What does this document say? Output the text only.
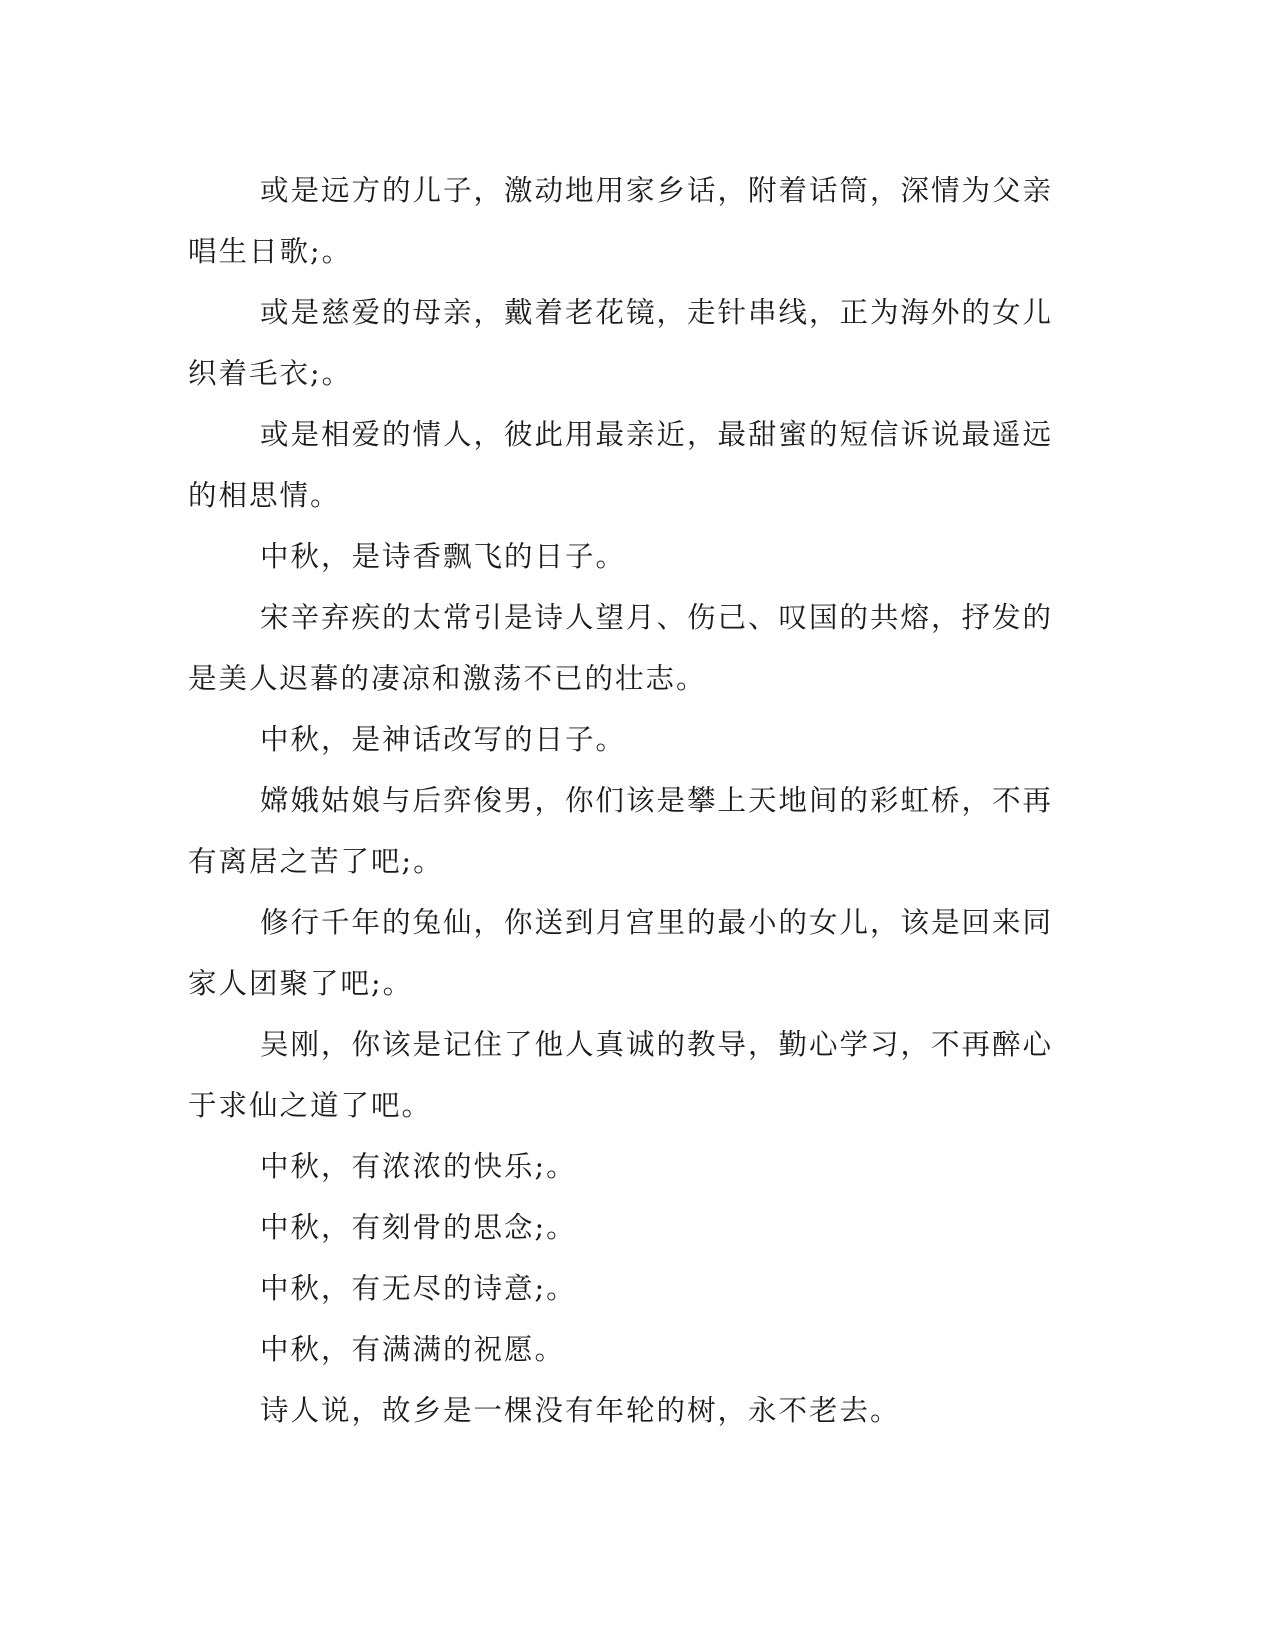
或是远方的儿子，激动地用家乡话，附着话筒，深情为父亲唱生日歌;。

或是慈爱的母亲，戴着老花镜，走针串线，正为海外的女儿织着毛衣;。

或是相爱的情人，彼此用最亲近，最甜蜜的短信诉说最遥远的相思情。

中秋，是诗香飘飞的日子。

宋辛弃疾的太常引是诗人望月、伤己、叹国的共熔，抒发的是美人迟暮的凄凉和激荡不已的壮志。

中秋，是神话改写的日子。

嫦娥姑娘与后弈俊男，你们该是攀上天地间的彩虹桥，不再有离居之苦了吧;。

修行千年的兔仙，你送到月宫里的最小的女儿，该是回来同家人团聚了吧;。

吴刚，你该是记住了他人真诚的教导，勤心学习，不再醉心于求仙之道了吧。

中秋，有浓浓的快乐;。

中秋，有刻骨的思念;。

中秋，有无尽的诗意;。

中秋，有满满的祝愿。

诗人说，故乡是一棵没有年轮的树，永不老去。
